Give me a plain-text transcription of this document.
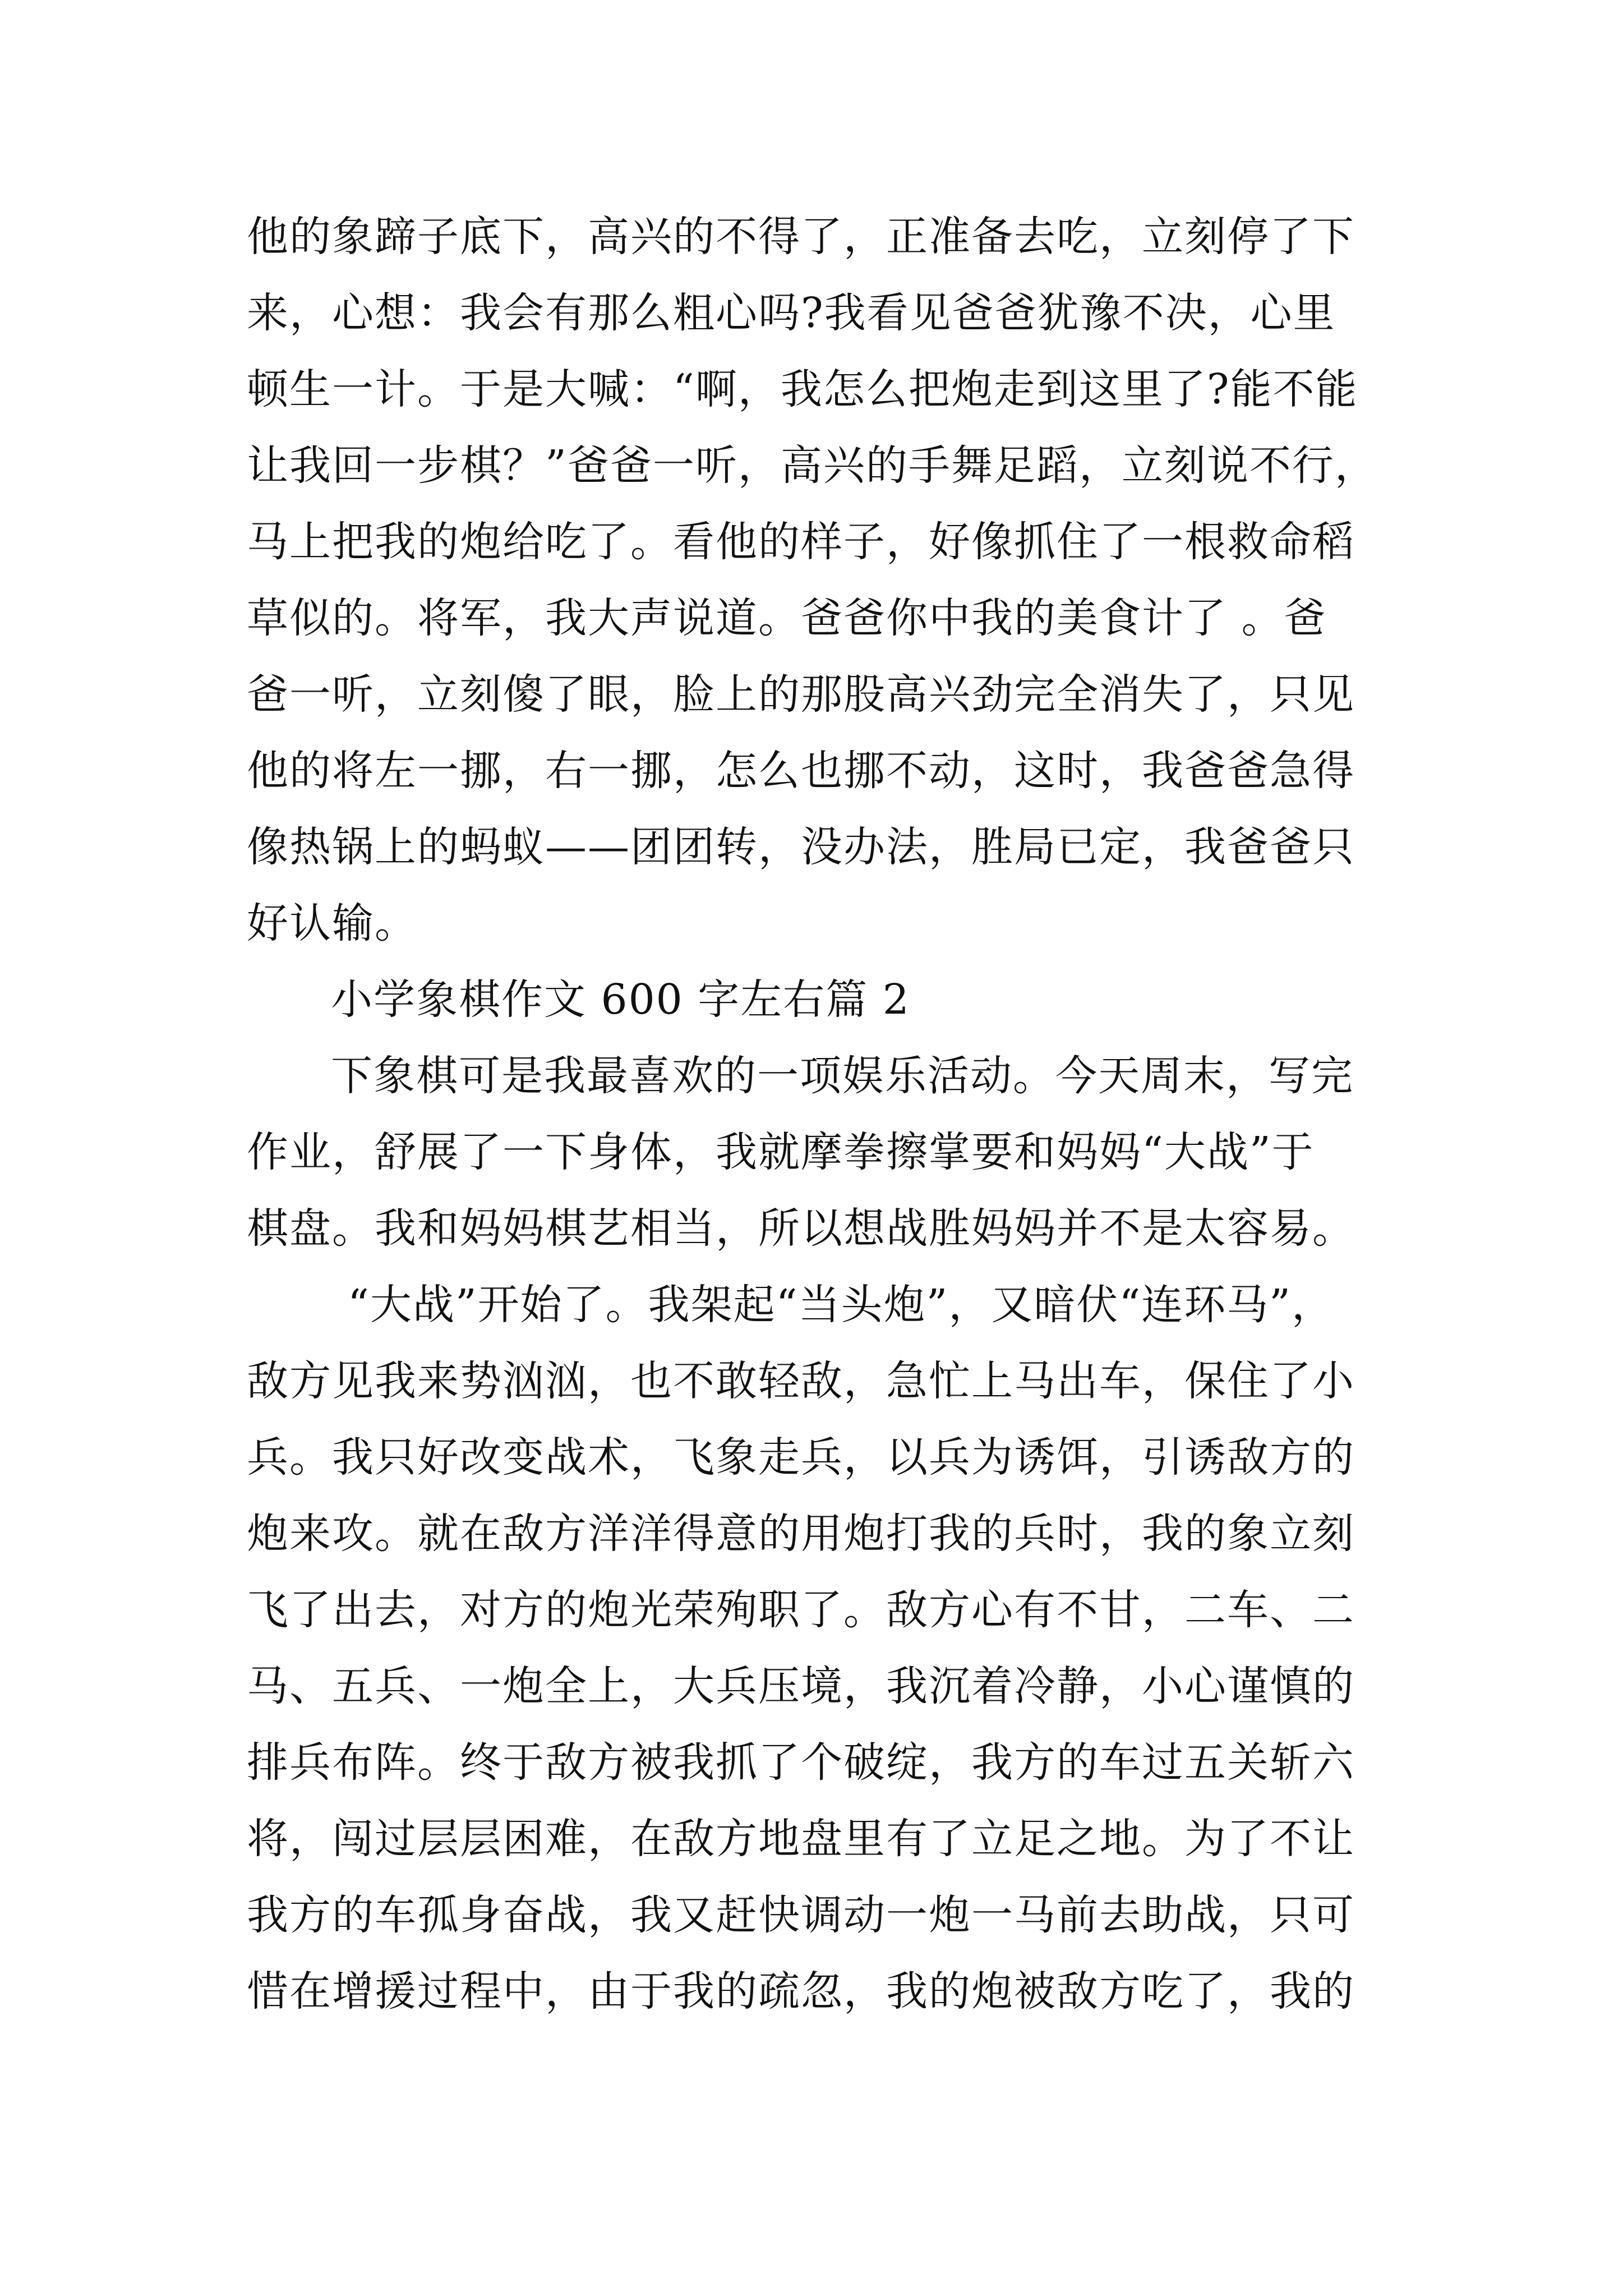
他的象蹄子底下，高兴的不得了，正准备去吃，立刻停了下
来，心想：我会有那么粗心吗?我看见爸爸犹豫不决，心里
顿生一计。于是大喊：“啊，我怎么把炮走到这里了?能不能
让我回一步棋？”爸爸一听，高兴的手舞足蹈，立刻说不行，
马上把我的炮给吃了。看他的样子，好像抓住了一根救命稻
草似的。将军，我大声说道。爸爸你中我的美食计了 。爸
爸一听，立刻傻了眼，脸上的那股高兴劲完全消失了，只见
他的将左一挪，右一挪，怎么也挪不动，这时，我爸爸急得
像热锅上的蚂蚁——团团转，没办法，胜局已定，我爸爸只
好认输。
小学象棋作文 600 字左右篇 2
下象棋可是我最喜欢的一项娱乐活动。今天周末，写完
作业，舒展了一下身体，我就摩拳擦掌要和妈妈“大战”于
棋盘。我和妈妈棋艺相当，所以想战胜妈妈并不是太容易。
“大战”开始了。我架起“当头炮”，又暗伏“连环马”，
敌方见我来势汹汹，也不敢轻敌，急忙上马出车，保住了小
兵。我只好改变战术，飞象走兵，以兵为诱饵，引诱敌方的
炮来攻。就在敌方洋洋得意的用炮打我的兵时，我的象立刻
飞了出去，对方的炮光荣殉职了。敌方心有不甘，二车、二
马、五兵、一炮全上，大兵压境，我沉着冷静，小心谨慎的
排兵布阵。终于敌方被我抓了个破绽，我方的车过五关斩六
将，闯过层层困难，在敌方地盘里有了立足之地。为了不让
我方的车孤身奋战，我又赶快调动一炮一马前去助战，只可
惜在增援过程中，由于我的疏忽，我的炮被敌方吃了，我的
